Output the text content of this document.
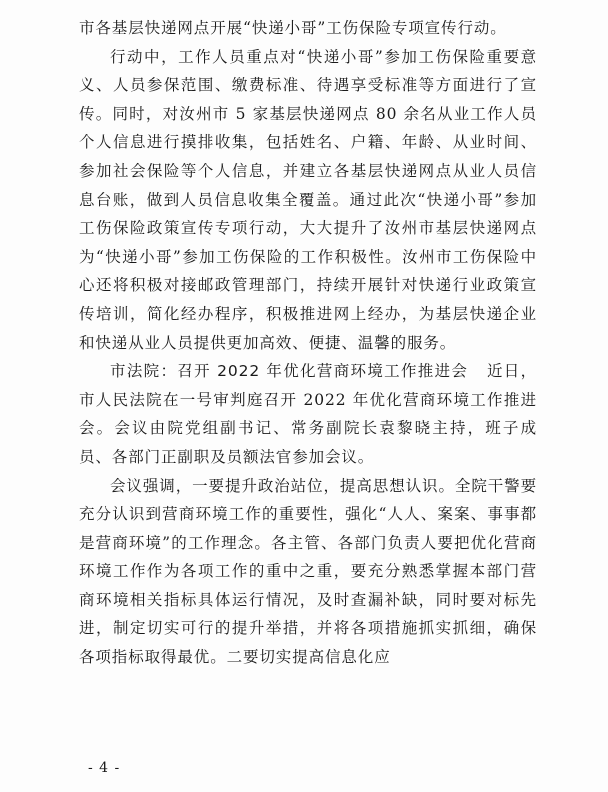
市各基层快递网点开展“快递小哥”工伤保险专项宣传行动。

行动中，工作人员重点对“快递小哥”参加工伤保险重要意义、人员参保范围、缴费标准、待遇享受标准等方面进行了宣传。同时，对汝州市 5 家基层快递网点 80 余名从业工作人员个人信息进行摸排收集，包括姓名、户籍、年龄、从业时间、参加社会保险等个人信息，并建立各基层快递网点从业人员信息台账，做到人员信息收集全覆盖。通过此次“快递小哥”参加工伤保险政策宣传专项行动，大大提升了汝州市基层快递网点为“快递小哥”参加工伤保险的工作积极性。汝州市工伤保险中心还将积极对接邮政管理部门，持续开展针对快递行业政策宣传培训，简化经办程序，积极推进网上经办，为基层快递企业和快递从业人员提供更加高效、便捷、温馨的服务。

市法院：召开 2022 年优化营商环境工作推进会 近日，市人民法院在一号审判庭召开 2022 年优化营商环境工作推进会。会议由院党组副书记、常务副院长袁黎晓主持，班子成员、各部门正副职及员额法官参加会议。

会议强调，一要提升政治站位，提高思想认识。全院干警要充分认识到营商环境工作的重要性，强化“人人、案案、事事都是营商环境”的工作理念。各主管、各部门负责人要把优化营商环境工作作为各项工作的重中之重，要充分熟悉掌握本部门营商环境相关指标具体运行情况，及时查漏补缺，同时要对标先进，制定切实可行的提升举措，并将各项措施抓实抓细，确保各项指标取得最优。二要切实提高信息化应

- 4 -
